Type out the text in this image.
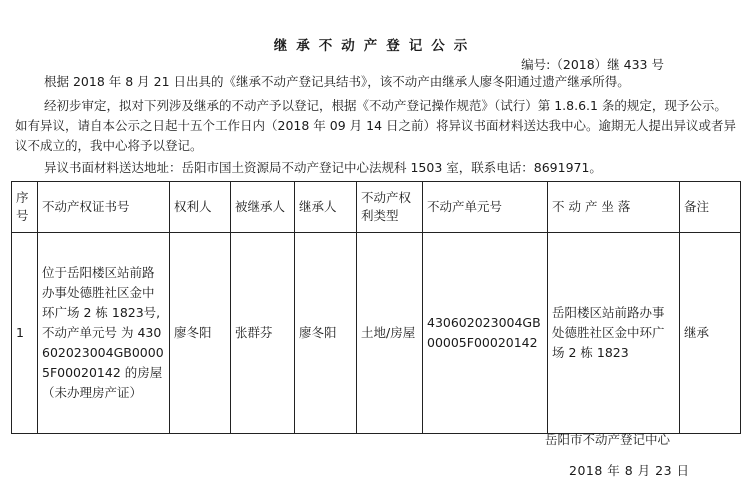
继承不动产登记公示
编号:（2018）继 433 号
根据 2018 年 8 月 21 日出具的《继承不动产登记具结书》，该不动产由继承人廖冬阳通过遗产继承所得。
经初步审定，拟对下列涉及继承的不动产予以登记，根据《不动产登记操作规范》（试行）第 1.8.6.1 条的规定，现予公示。如有异议，请自本公示之日起十五个工作日内（2018 年 09 月 14 日之前）将异议书面材料送达我中心。逾期无人提出异议或者异议不成立的，我中心将予以登记。
异议书面材料送达地址：岳阳市国土资源局不动产登记中心法规科 1503 室，联系电话：8691971。
序号	不动产权证书号	权利人	被继承人	继承人	不动产权利类型	不动产单元号	不 动 产 坐 落	备注
1	位于岳阳楼区站前路办事处德胜社区金中环广场 2 栋 1823号,不动产单元号 为 430602023004GB00005F00020142 的房屋（未办理房产证）	廖冬阳	张群芬	廖冬阳	土地/房屋	430602023004GB00005F00020142	岳阳楼区站前路办事处德胜社区金中环广场 2 栋 1823	继承
岳阳市不动产登记中心
2018 年 8 月 23 日
